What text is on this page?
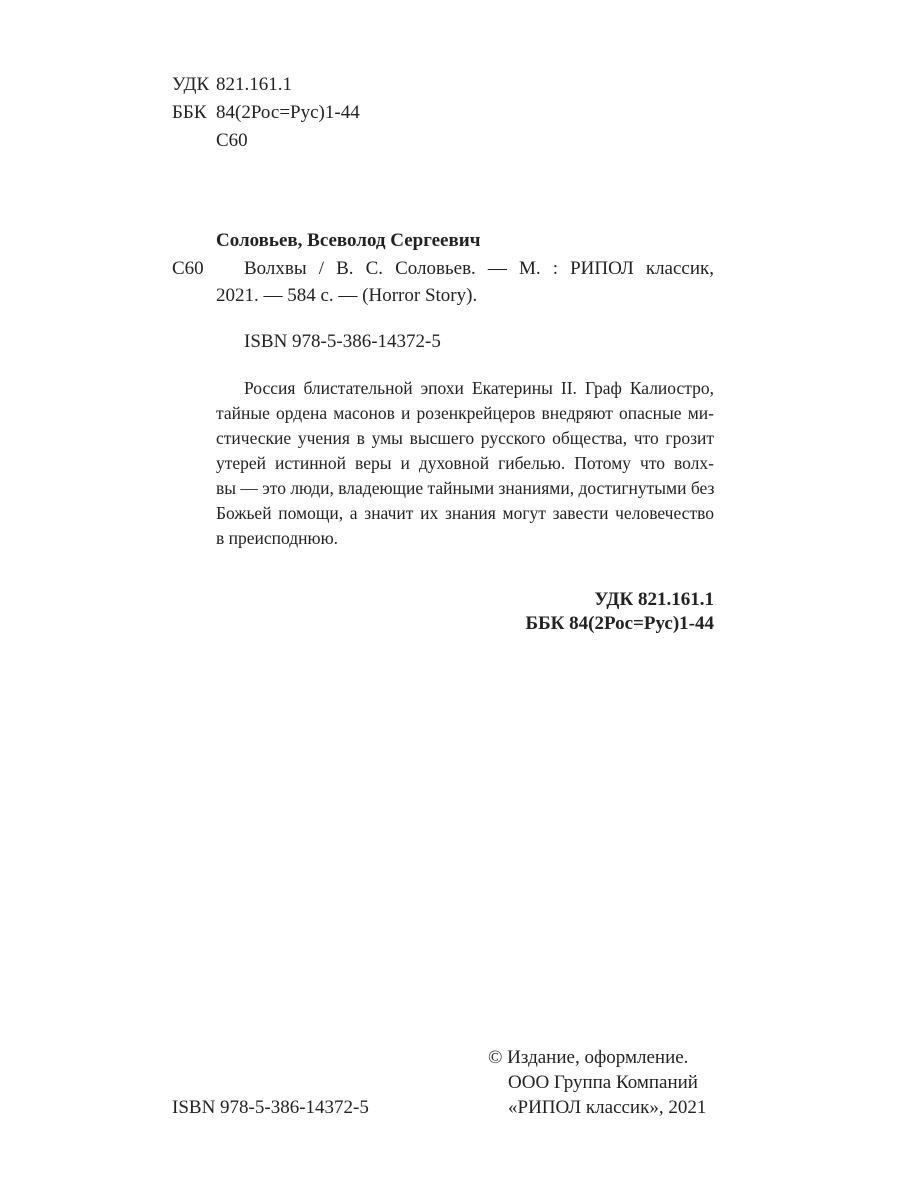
УДК 821.161.1
ББК 84(2Рос=Рус)1-44
С60
Соловьев, Всеволод Сергеевич
С60 Волхвы / В. С. Соловьев. — М. : РИПОЛ классик,
2021. — 584 с. — (Horror Story).
ISBN 978-5-386-14372-5
Россия блистательной эпохи Екатерины II. Граф Калиостро,
тайные ордена масонов и розенкрейцеров внедряют опасные ми-
стические учения в умы высшего русского общества, что грозит
утерей истинной веры и духовной гибелью. Потому что волх-
вы — это люди, владеющие тайными знаниями, достигнутыми без
Божьей помощи, а значит их знания могут завести человечество
в преисподнюю.
УДК 821.161.1
ББК 84(2Рос=Рус)1-44
ISBN 978-5-386-14372-5
© Издание, оформление.
ООО Группа Компаний
«РИПОЛ классик», 2021
